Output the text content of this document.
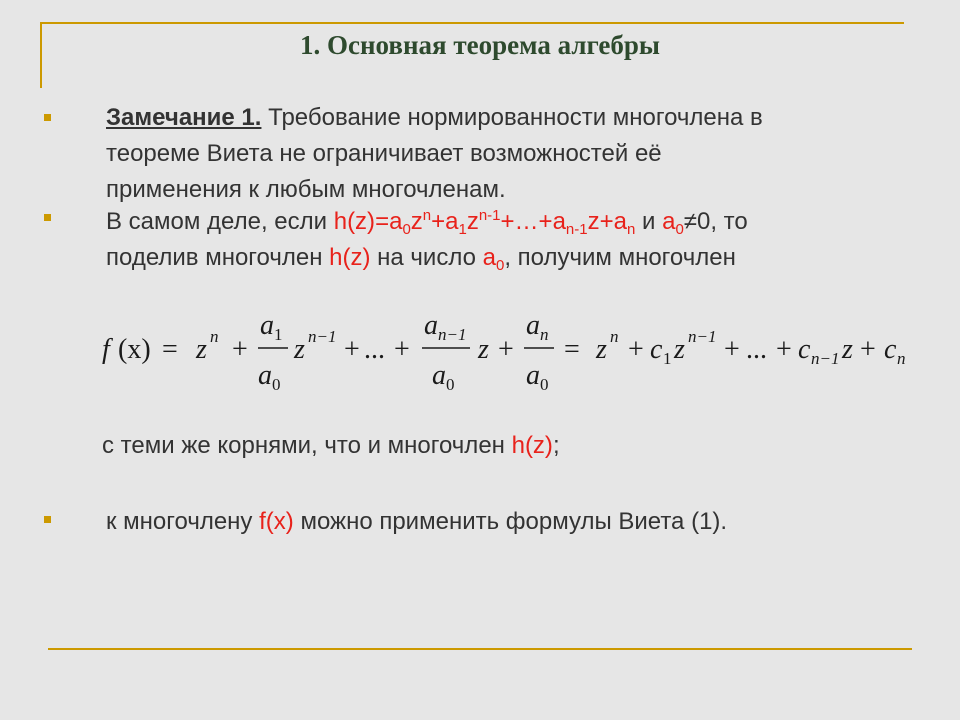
1. Основная теорема алгебры
Замечание 1. Требование нормированности многочлена в
теореме Виета не ограничивает возможностей её
применения к любым многочленам.
В самом деле, если $h(z)=a_0z^n+a_1z^{n-1}+\dots+a_{n-1}z+a_n$ и $a_0\ne 0$, то
поделив многочлен h(z) на число $a_0$, получим многочлен
f (x) = z n +
a 1
a 0
z n−1 + ... +
a n−1
a 0
z +
a n
a 0
= z n + c 1 z n−1 + ... + c n−1 z + c n
с теми же корнями, что и многочлен h(z);
к многочлену f(x) можно применить формулы Виета (1).
